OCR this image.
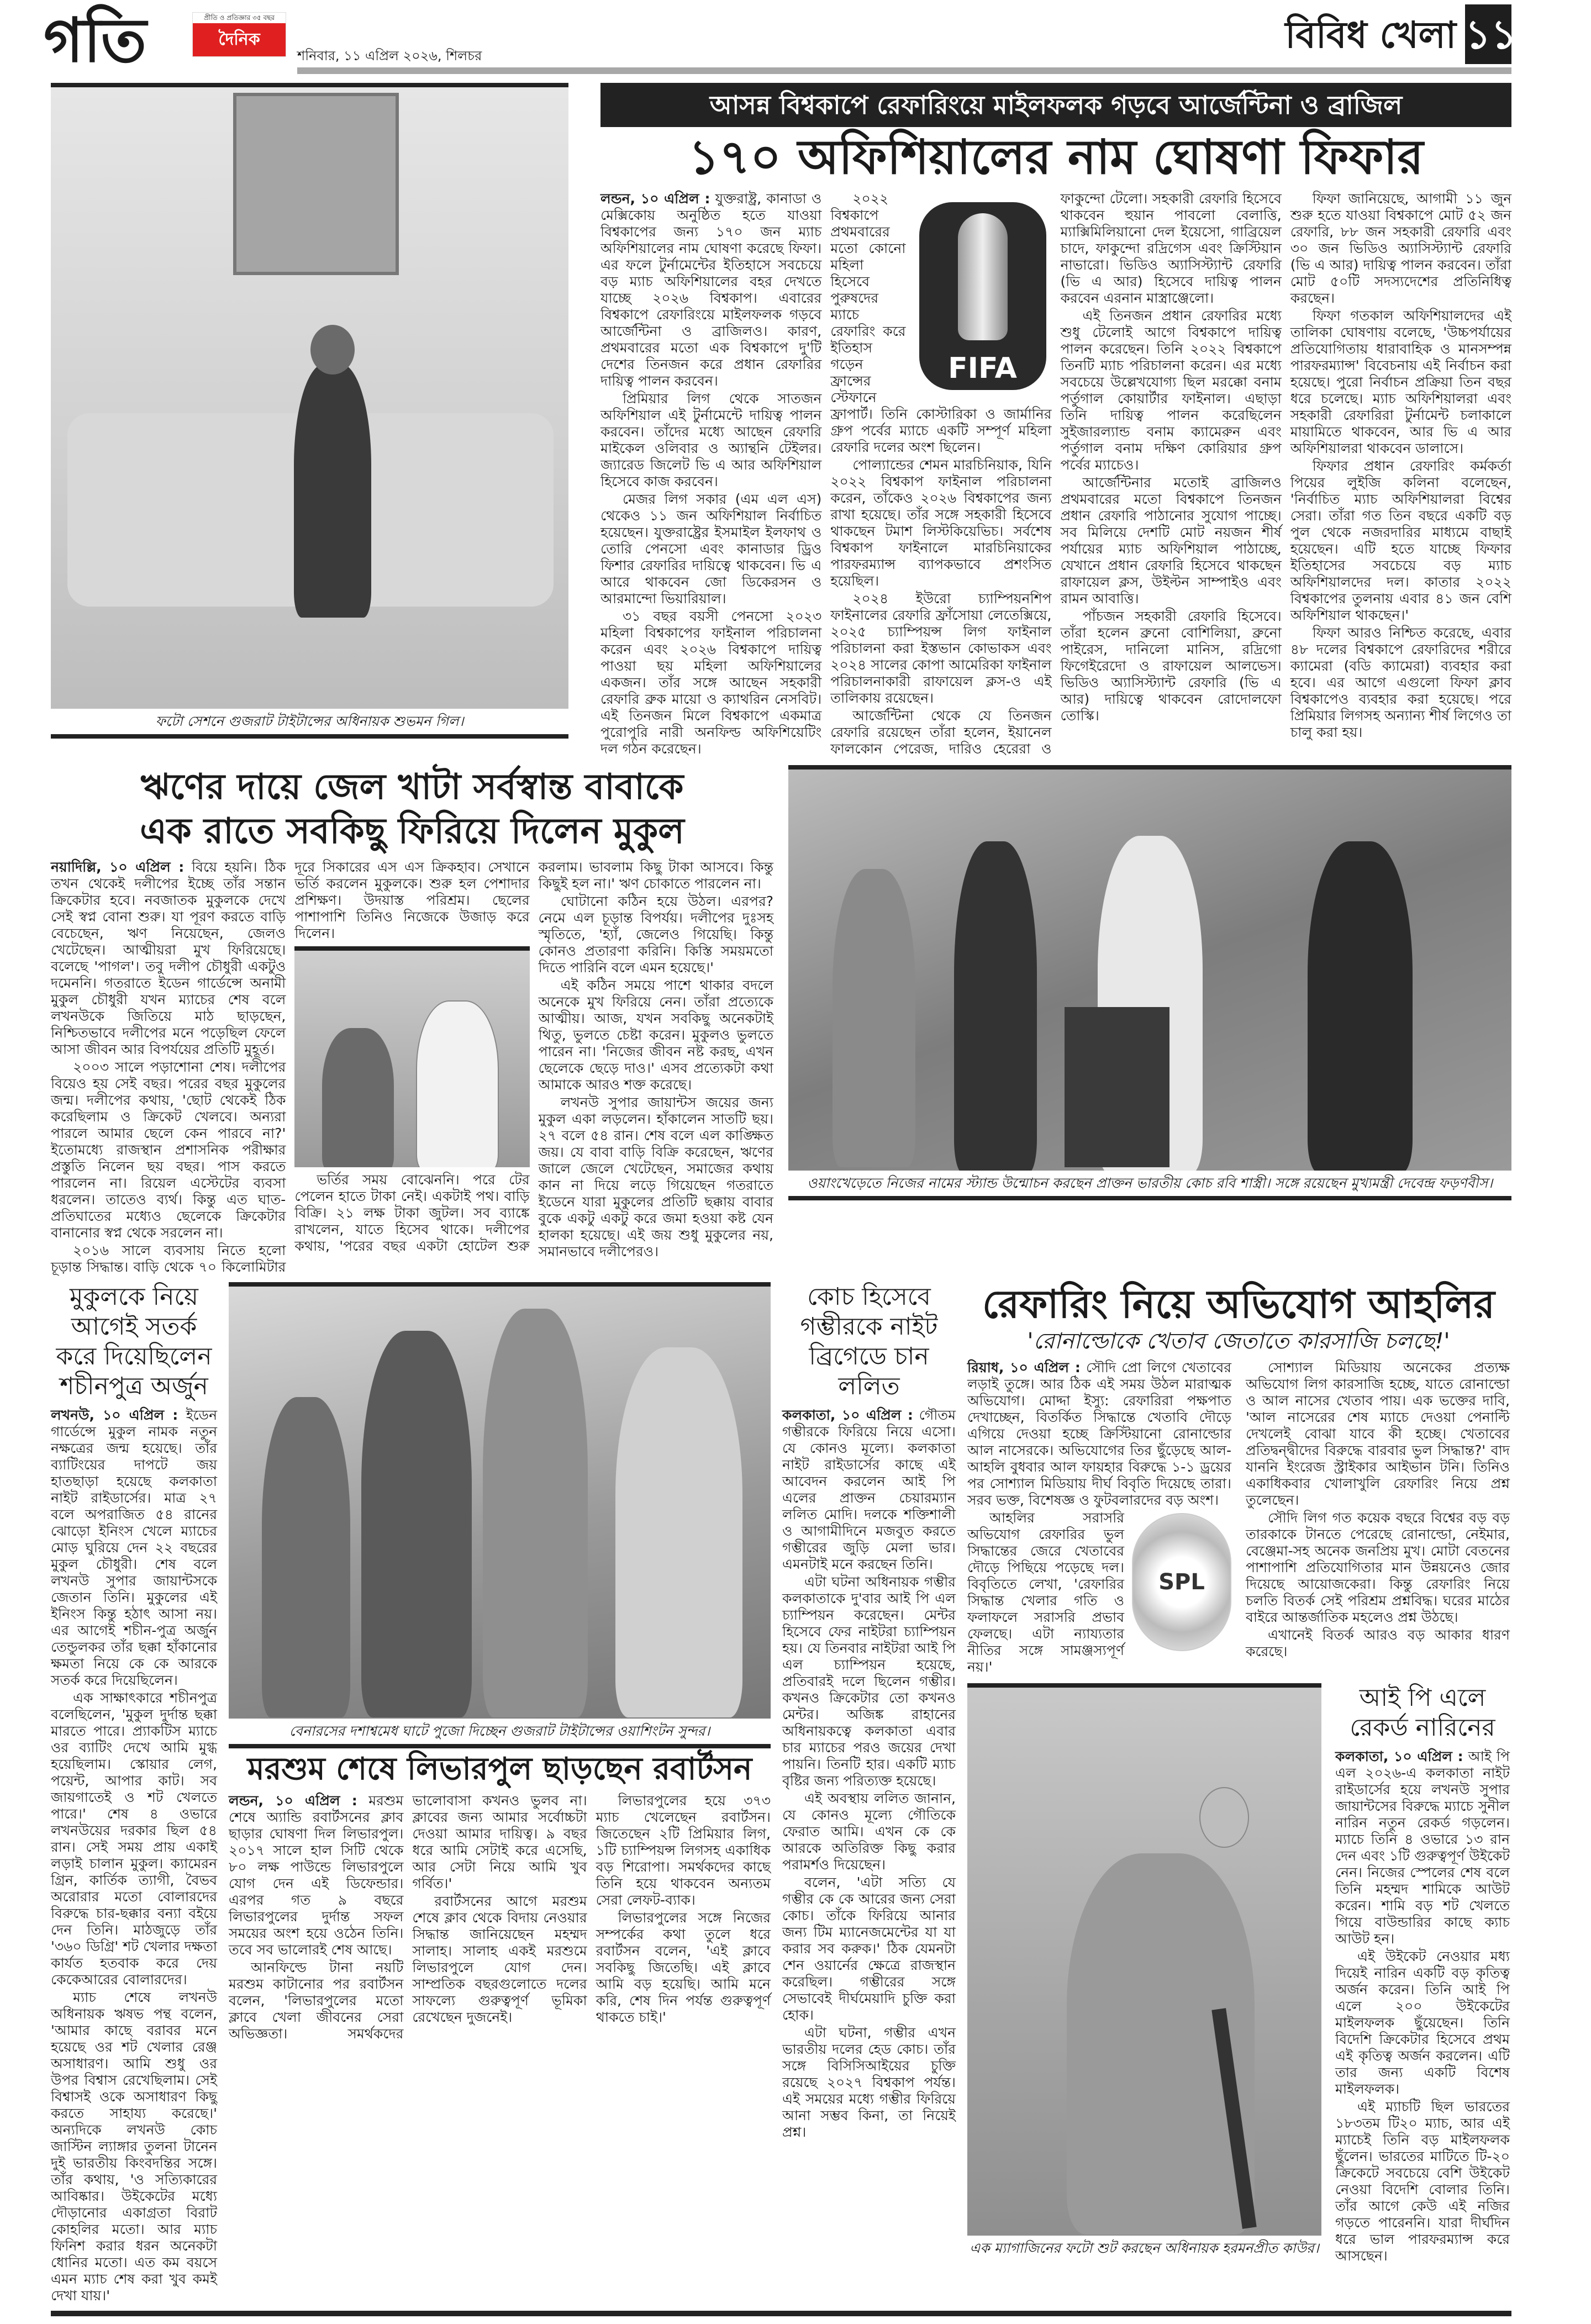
গতি	প্রীতি ও প্রতিজ্ঞার ৩৫ বছর
দৈনিক
শনিবার, ১১ এপ্রিল ২০২৬, শিলচর	বিবিধ খেলা ১১
ফটো সেশনে গুজরাট টাইটান্সের অধিনায়ক শুভমন গিল।
আসন্ন বিশ্বকাপে রেফারিংয়ে মাইলফলক গড়বে আর্জেন্টিনা ও ব্রাজিল
১৭০ অফিশিয়ালের নাম ঘোষণা ফিফার

লন্ডন, ১০ এপ্রিল : যুক্তরাষ্ট্র, কানাডা ও মেক্সিকোয় অনুষ্ঠিত হতে যাওয়া বিশ্বকাপের জন্য ১৭০ জন ম্যাচ অফিশিয়ালের নাম ঘোষণা করেছে ফিফা। এর ফলে টুর্নামেন্টের ইতিহাসে সবচেয়ে বড় ম্যাচ অফিশিয়ালের বহর দেখতে যাচ্ছে ২০২৬ বিশ্বকাপ। এবারের বিশ্বকাপে রেফারিংয়ে মাইলফলক গড়বে আর্জেন্টিনা ও ব্রাজিলও। কারণ, প্রথমবারের মতো এক বিশ্বকাপে দু'টি দেশের তিনজন করে প্রধান রেফারির দায়িত্ব পালন করবেন।

প্রিমিয়ার লিগ থেকে সাতজন অফিশিয়াল এই টুর্নামেন্টে দায়িত্ব পালন করবেন। তাঁদের মধ্যে আছেন রেফারি মাইকেল ওলিবার ও অ্যান্থনি টেইলর। জ্যারেড জিলেট ভি এ আর অফিশিয়াল হিসেবে কাজ করবেন।

মেজর লিগ সকার (এম এল এস) থেকেও ১১ জন অফিশিয়াল নির্বাচিত হয়েছেন। যুক্তরাষ্ট্রের ইসমাইল ইলফাথ ও তোরি পেনসো এবং কানাডার ড্রিও ফিশার রেফারির দায়িত্বে থাকবেন। ভি এ আরে থাকবেন জো ডিকেরসন ও আরমান্দো ভিয়ারিয়াল।

৩১ বছর বয়সী পেনসো ২০২৩ মহিলা বিশ্বকাপের ফাইনাল পরিচালনা করেন এবং ২০২৬ বিশ্বকাপে দায়িত্ব পাওয়া ছয় মহিলা অফিশিয়ালের একজন। তাঁর সঙ্গে আছেন সহকারী রেফারি ব্রুক মায়ো ও ক্যাথরিন নেসবিট। এই তিনজন মিলে বিশ্বকাপে একমাত্র পুরোপুরি নারী অনফিল্ড অফিশিয়েটিং দল গঠন করেছেন।

FIFA

২০২২ বিশ্বকাপে প্রথমবারের মতো কোনো মহিলা হিসেবে পুরুষদের ম্যাচে রেফারিং করে ইতিহাস গড়েন ফ্রান্সের স্টেফানে ফ্রাপার্ট। তিনি কোস্টারিকা ও জার্মানির গ্রুপ পর্বের ম্যাচে একটি সম্পূর্ণ মহিলা রেফারি দলের অংশ ছিলেন।

পোল্যান্ডের শেমন মারচিনিয়াক, যিনি ২০২২ বিশ্বকাপ ফাইনাল পরিচালনা করেন, তাঁকেও ২০২৬ বিশ্বকাপের জন্য রাখা হয়েছে। তাঁর সঙ্গে সহকারী হিসেবে থাকছেন টমাশ লিস্টকিয়েভিচ। সর্বশেষ বিশ্বকাপ ফাইনালে মারচিনিয়াকের পারফরম্যান্স ব্যাপকভাবে প্রশংসিত হয়েছিল।

২০২৪ ইউরো চ্যাম্পিয়নশিপ ফাইনালের রেফারি ফ্রাঁসোয়া লেতেক্সিয়ে, ২০২৫ চ্যাম্পিয়ন্স লিগ ফাইনাল পরিচালনা করা ইস্তভান কোভাকস এবং ২০২৪ সালের কোপা আমেরিকা ফাইনাল পরিচালনাকারী রাফায়েল ক্লস-ও এই তালিকায় রয়েছেন।

আর্জেন্টিনা থেকে যে তিনজন রেফারি রয়েছেন তাঁরা হলেন, ইয়ানেল ফালকোন পেরেজ, দারিও হেরেরা ও ফাকুন্দো টেলো। সহকারী রেফারি হিসেবে থাকবেন হুয়ান পাবলো বেলাত্তি, ম্যাক্সিমিলিয়ানো দেল ইয়েসো, গাব্রিয়েল চাদে, ফাকুন্দো রদ্রিগেস এবং ক্রিস্টিয়ান নাভারো। ভিডিও অ্যাসিস্ট্যান্ট রেফারি (ভি এ আর) হিসেবে দায়িত্ব পালন করবেন এরনান মাস্ত্রাঞ্জেলো।

এই তিনজন প্রধান রেফারির মধ্যে শুধু টেলোই আগে বিশ্বকাপে দায়িত্ব পালন করেছেন। তিনি ২০২২ বিশ্বকাপে তিনটি ম্যাচ পরিচালনা করেন। এর মধ্যে সবচেয়ে উল্লেখযোগ্য ছিল মরক্কো বনাম পর্তুগাল কোয়ার্টার ফাইনাল। এছাড়া তিনি দায়িত্ব পালন করেছিলেন সুইজারল্যান্ড বনাম ক্যামেরুন এবং পর্তুগাল বনাম দক্ষিণ কোরিয়ার গ্রুপ পর্বের ম্যাচেও।

আর্জেন্টিনার মতোই ব্রাজিলও প্রথমবারের মতো বিশ্বকাপে তিনজন প্রধান রেফারি পাঠানোর সুযোগ পাচ্ছে। সব মিলিয়ে দেশটি মোট নয়জন শীর্ষ পর্যায়ের ম্যাচ অফিশিয়াল পাঠাচ্ছে, যেখানে প্রধান রেফারি হিসেবে থাকছেন রাফায়েল ক্লস, উইল্টন সাম্পাইও এবং রামন আবাত্তি।

পাঁচজন সহকারী রেফারি হিসেবে। তাঁরা হলেন ব্রুনো বোশিলিয়া, ব্রুনো পাইরেস, দানিলো মানিস, রদ্রিগো ফিগেইরেদো ও রাফায়েল আলভেস। ভিডিও অ্যাসিস্ট্যান্ট রেফারি (ভি এ আর) দায়িত্বে থাকবেন রোদোলফো তোস্কি।

ফিফা জানিয়েছে, আগামী ১১ জুন শুরু হতে যাওয়া বিশ্বকাপে মোট ৫২ জন রেফারি, ৮৮ জন সহকারী রেফারি এবং ৩০ জন ভিডিও অ্যাসিস্ট্যান্ট রেফারি (ভি এ আর) দায়িত্ব পালন করবেন। তাঁরা মোট ৫০টি সদস্যদেশের প্রতিনিধিত্ব করছেন।

ফিফা গতকাল অফিশিয়ালদের এই তালিকা ঘোষণায় বলেছে, 'উচ্চপর্যায়ের প্রতিযোগিতায় ধারাবাহিক ও মানসম্পন্ন পারফরম্যান্স' বিবেচনায় এই নির্বাচন করা হয়েছে। পুরো নির্বাচন প্রক্রিয়া তিন বছর ধরে চলেছে। ম্যাচ অফিশিয়ালরা এবং সহকারী রেফারিরা টুর্নামেন্ট চলাকালে মায়ামিতে থাকবেন, আর ভি এ আর অফিশিয়ালরা থাকবেন ডালাসে।

ফিফার প্রধান রেফারিং কর্মকর্তা পিয়ের লুইজি কলিনা বলেছেন, 'নির্বাচিত ম্যাচ অফিশিয়ালরা বিশ্বের সেরা। তাঁরা গত তিন বছরে একটি বড় পুল থেকে নজরদারির মাধ্যমে বাছাই হয়েছেন। এটি হতে যাচ্ছে ফিফার ইতিহাসের সবচেয়ে বড় ম্যাচ অফিশিয়ালদের দল। কাতার ২০২২ বিশ্বকাপের তুলনায় এবার ৪১ জন বেশি অফিশিয়াল থাকছেন।'

ফিফা আরও নিশ্চিত করেছে, এবার ৪৮ দলের বিশ্বকাপে রেফারিদের শরীরে ক্যামেরা (বডি ক্যামেরা) ব্যবহার করা হবে। এর আগে এগুলো ফিফা ক্লাব বিশ্বকাপেও ব্যবহার করা হয়েছে। পরে প্রিমিয়ার লিগসহ অন্যান্য শীর্ষ লিগেও তা চালু করা হয়।

ঋণের দায়ে জেল খাটা সর্বস্বান্ত বাবাকে
এক রাতে সবকিছু ফিরিয়ে দিলেন মুকুল

নয়াদিল্লি, ১০ এপ্রিল : বিয়ে হয়নি। ঠিক তখন থেকেই দলীপের ইচ্ছে তাঁর সন্তান ক্রিকেটার হবে। নবজাতক মুকুলকে দেখে সেই স্বপ্ন বোনা শুরু। যা পূরণ করতে বাড়ি বেচেছেন, ঋণ নিয়েছেন, জেলও খেটেছেন। আত্মীয়রা মুখ ফিরিয়েছে। বলেছে 'পাগল'। তবু দলীপ চৌধুরী একটুও দমেননি। গতরাতে ইডেন গার্ডেন্সে অনামী মুকুল চৌধুরী যখন ম্যাচের শেষ বলে লখনউকে জিতিয়ে মাঠ ছাড়ছেন, নিশ্চিতভাবে দলীপের মনে পড়েছিল ফেলে আসা জীবন আর বিপর্যয়ের প্রতিটি মুহূর্ত।

২০০৩ সালে পড়াশোনা শেষ। দলীপের বিয়েও হয় সেই বছর। পরের বছর মুকুলের জন্ম। দলীপের কথায়, 'ছোট থেকেই ঠিক করেছিলাম ও ক্রিকেট খেলবে। অন্যরা পারলে আমার ছেলে কেন পারবে না?' ইতোমধ্যে রাজস্থান প্রশাসনিক পরীক্ষার প্রস্তুতি নিলেন ছয় বছর। পাস করতে পারলেন না। রিয়েল এস্টেটের ব্যবসা ধরলেন। তাতেও ব্যর্থ। কিন্তু এত ঘাত-প্রতিঘাতের মধ্যেও ছেলেকে ক্রিকেটার বানানোর স্বপ্ন থেকে সরলেন না।

২০১৬ সালে ব্যবসায় নিতে হলো চূড়ান্ত সিদ্ধান্ত। বাড়ি থেকে ৭০ কিলোমিটার দূরে সিকারের এস এস ক্রিকহাব। সেখানে ভর্তি করলেন মুকুলকে। শুরু হল পেশাদার প্রশিক্ষণ। উদয়াস্ত পরিশ্রম। ছেলের পাশাপাশি তিনিও নিজেকে উজাড় করে দিলেন।

ভর্তির সময় বোঝেননি। পরে টের পেলেন হাতে টাকা নেই। একটাই পথ। বাড়ি বিক্রি। ২১ লক্ষ টাকা জুটল। সব ব্যাঙ্কে রাখলেন, যাতে হিসেব থাকে। দলীপের কথায়, 'পরের বছর একটা হোটেল শুরু করলাম। ভাবলাম কিছু টাকা আসবে। কিন্তু কিছুই হল না।' ঋণ চোকাতে পারলেন না।

ঘোটানো কঠিন হয়ে উঠল। এরপর? নেমে এল চূড়ান্ত বিপর্যয়। দলীপের দুঃসহ স্মৃতিতে, 'হ্যাঁ, জেলেও গিয়েছি। কিন্তু কোনও প্রতারণা করিনি। কিস্তি সময়মতো দিতে পারিনি বলে এমন হয়েছে।'

এই কঠিন সময়ে পাশে থাকার বদলে অনেকে মুখ ফিরিয়ে নেন। তাঁরা প্রত্যেকে আত্মীয়। আজ, যখন সবকিছু অনেকটাই থিতু, ভুলতে চেষ্টা করেন। মুকুলও ভুলতে পারেন না। 'নিজের জীবন নষ্ট করছ, এখন ছেলেকে ছেড়ে দাও।' এসব প্রত্যেকটা কথা আমাকে আরও শক্ত করেছে।

লখনউ সুপার জায়ান্টস জয়ের জন্য মুকুল একা লড়লেন। হাঁকালেন সাতটি ছয়। ২৭ বলে ৫৪ রান। শেষ বলে এল কাঙ্ক্ষিত জয়। যে বাবা বাড়ি বিক্রি করেছেন, ঋণের জালে জেলে খেটেছেন, সমাজের কথায় কান না দিয়ে লড়ে গিয়েছেন গতরাতে ইডেনে যারা মুকুলের প্রতিটি ছক্কায় বাবার বুকে একটু একটু করে জমা হওয়া কষ্ট যেন হালকা হয়েছে। এই জয় শুধু মুকুলের নয়, সমানভাবে দলীপেরও।

ওয়াংখেড়েতে নিজের নামের স্ট্যান্ড উন্মোচন করছেন প্রাক্তন ভারতীয় কোচ রবি শাস্ত্রী। সঙ্গে রয়েছেন মুখ্যমন্ত্রী দেবেন্দ্র ফড়ণবীস।
মুকুলকে নিয়ে আগেই সতর্ক করে দিয়েছিলেন শচীনপুত্র অর্জুন

লখনউ, ১০ এপ্রিল : ইডেন গার্ডেন্সে মুকুল নামক নতুন নক্ষত্রের জন্ম হয়েছে। তাঁর ব্যাটিংয়ের দাপটে জয় হাতছাড়া হয়েছে কলকাতা নাইট রাইডার্সের। মাত্র ২৭ বলে অপরাজিত ৫৪ রানের ঝোড়ো ইনিংস খেলে ম্যাচের মোড় ঘুরিয়ে দেন ২২ বছরের মুকুল চৌধুরী। শেষ বলে লখনউ সুপার জায়ান্টসকে জেতান তিনি। মুকুলের এই ইনিংস কিন্তু হঠাৎ আসা নয়। এর আগেই শচীন-পুত্র অর্জুন তেন্ডুলকর তাঁর ছক্কা হাঁকানোর ক্ষমতা নিয়ে কে কে আরকে সতর্ক করে দিয়েছিলেন।

এক সাক্ষাৎকারে শচীনপুত্র বলেছিলেন, 'মুকুল দুর্দান্ত ছক্কা মারতে পারে। প্র্যাকটিস ম্যাচে ওর ব্যাটিং দেখে আমি মুগ্ধ হয়েছিলাম। স্কোয়ার লেগ, পয়েন্ট, আপার কাট। সব জায়গাতেই ও শট খেলতে পারে।' শেষ ৪ ওভারে লখনউয়ের দরকার ছিল ৫৪ রান। সেই সময় প্রায় একাই লড়াই চালান মুকুল। ক্যামেরন গ্রিন, কার্তিক ত্যাগী, বৈভব অরোরার মতো বোলারদের বিরুদ্ধে চার-ছক্কার বন্যা বইয়ে দেন তিনি। মাঠজুড়ে তাঁর '৩৬০ ডিগ্রি' শট খেলার দক্ষতা কার্যত হতবাক করে দেয় কেকেআরের বোলারদের।

ম্যাচ শেষে লখনউ অধিনায়ক ঋষভ পন্থ বলেন, 'আমার কাছে বরাবর মনে হয়েছে ওর শট খেলার রেঞ্জ অসাধারণ। আমি শুধু ওর উপর বিশ্বাস রেখেছিলাম। সেই বিশ্বাসই ওকে অসাধারণ কিছু করতে সাহায্য করেছে।' অন্যদিকে লখনউ কোচ জাস্টিন ল্যাঙ্গার তুলনা টানেন দুই ভারতীয় কিংবদন্তির সঙ্গে। তাঁর কথায়, 'ও সত্যিকারের আবিষ্কার। উইকেটের মধ্যে দৌড়ানোর একাগ্রতা বিরাট কোহলির মতো। আর ম্যাচ ফিনিশ করার ধরন অনেকটা ধোনির মতো। এত কম বয়সে এমন ম্যাচ শেষ করা খুব কমই দেখা যায়।'

বেনারসের দশাশ্বমেধ ঘাটে পুজো দিচ্ছেন গুজরাট টাইটান্সের ওয়াশিংটন সুন্দর।
মরশুম শেষে লিভারপুল ছাড়ছেন রবার্টসন

লন্ডন, ১০ এপ্রিল : মরশুম শেষে অ্যান্ডি রবার্টসনের ক্লাব ছাড়ার ঘোষণা দিল লিভারপুল। ২০১৭ সালে হাল সিটি থেকে ৮০ লক্ষ পাউন্ডে লিভারপুলে যোগ দেন এই ডিফেন্ডার। এরপর গত ৯ বছরে লিভারপুলের দুর্দান্ত সফল সময়ের অংশ হয়ে ওঠেন তিনি। তবে সব ভালোরই শেষ আছে।

আনফিল্ডে টানা নয়টি মরশুম কাটানোর পর রবার্টসন বলেন, 'লিভারপুলের মতো ক্লাবে খেলা জীবনের সেরা অভিজ্ঞতা। সমর্থকদের ভালোবাসা কখনও ভুলব না। ক্লাবের জন্য আমার সর্বোচ্চটা দেওয়া আমার দায়িত্ব। ৯ বছর ধরে আমি সেটাই করে এসেছি, আর সেটা নিয়ে আমি খুব গর্বিত।'

রবার্টসনের আগে মরশুম শেষে ক্লাব থেকে বিদায় নেওয়ার সিদ্ধান্ত জানিয়েছেন মহম্মদ সালাহ। সালাহ একই মরশুমে লিভারপুলে যোগ দেন। সাম্প্রতিক বছরগুলোতে দলের সাফল্যে গুরুত্বপূর্ণ ভূমিকা রেখেছেন দুজনেই।

লিভারপুলের হয়ে ৩৭৩ ম্যাচ খেলেছেন রবার্টসন। জিতেছেন ২টি প্রিমিয়ার লিগ, ১টি চ্যাম্পিয়ন্স লিগসহ একাধিক বড় শিরোপা। সমর্থকদের কাছে তিনি হয়ে থাকবেন অন্যতম সেরা লেফট-ব্যাক।

লিভারপুলের সঙ্গে নিজের সম্পর্কের কথা তুলে ধরে রবার্টসন বলেন, 'এই ক্লাবে সবকিছু জিতেছি। এই ক্লাবে আমি বড় হয়েছি। আমি মনে করি, শেষ দিন পর্যন্ত গুরুত্বপূর্ণ থাকতে চাই।'

কোচ হিসেবে গম্ভীরকে নাইট ব্রিগেডে চান ললিত

কলকাতা, ১০ এপ্রিল : গৌতম গম্ভীরকে ফিরিয়ে নিয়ে এসো। যে কোনও মূল্যে। কলকাতা নাইট রাইডার্সের কাছে এই আবেদন করলেন আই পি এলের প্রাক্তন চেয়ারম্যান ললিত মোদি। দলকে শক্তিশালী ও আগামীদিনে মজবুত করতে গম্ভীরের জুড়ি মেলা ভার। এমনটাই মনে করছেন তিনি।

এটা ঘটনা অধিনায়ক গম্ভীর কলকাতাকে দু'বার আই পি এল চ্যাম্পিয়ন করেছেন। মেন্টর হিসেবে ফের নাইটরা চ্যাম্পিয়ন হয়। যে তিনবার নাইটরা আই পি এল চ্যাম্পিয়ন হয়েছে, প্রতিবারই দলে ছিলেন গম্ভীর। কখনও ক্রিকেটার তো কখনও মেন্টর। অজিঙ্ক রাহানের অধিনায়কত্বে কলকাতা এবার চার ম্যাচের পরও জয়ের দেখা পায়নি। তিনটি হার। একটি ম্যাচ বৃষ্টির জন্য পরিত্যক্ত হয়েছে।

এই অবস্থায় ললিত জানান, যে কোনও মূল্যে গৌতিকে ফেরাত আমি। এখন কে কে আরকে অতিরিক্ত কিছু করার পরামর্শও দিয়েছেন।

বলেন, 'এটা সত্যি যে গম্ভীর কে কে আরের জন্য সেরা কোচ। তাঁকে ফিরিয়ে আনার জন্য টিম ম্যানেজমেন্টের যা যা করার সব করুক।' ঠিক যেমনটা শেন ওয়ার্নের ক্ষেত্রে রাজস্থান করেছিল। গম্ভীরের সঙ্গে সেভাবেই দীর্ঘমেয়াদি চুক্তি করা হোক।

এটা ঘটনা, গম্ভীর এখন ভারতীয় দলের হেড কোচ। তাঁর সঙ্গে বিসিসিআইয়ের চুক্তি রয়েছে ২০২৭ বিশ্বকাপ পর্যন্ত। এই সময়ের মধ্যে গম্ভীর ফিরিয়ে আনা সম্ভব কিনা, তা নিয়েই প্রশ্ন।

রেফারিং নিয়ে অভিযোগ আহলির
'রোনাল্ডোকে খেতাব জেতাতে কারসাজি চলছে!'

রিয়াধ, ১০ এপ্রিল : সৌদি প্রো লিগে খেতাবের লড়াই তুঙ্গে। আর ঠিক এই সময় উঠল মারাত্মক অভিযোগ। মোদ্দা ইস্যু: রেফারিরা পক্ষপাত দেখাচ্ছেন, বিতর্কিত সিদ্ধান্তে খেতাবি দৌড়ে এগিয়ে দেওয়া হচ্ছে ক্রিস্টিয়ানো রোনাল্ডোর আল নাসেরকে। অভিযোগের তির ছুঁড়েছে আল-আহলি বুধবার আল ফায়হার বিরুদ্ধে ১-১ ড্রয়ের পর সোশ্যাল মিডিয়ায় দীর্ঘ বিবৃতি দিয়েছে তারা। সরব ভক্ত, বিশেষজ্ঞ ও ফুটবলারদের বড় অংশ।

SPL

আহলির সরাসরি অভিযোগ রেফারির ভুল সিদ্ধান্তের জেরে খেতাবের দৌড়ে পিছিয়ে পড়েছে দল। বিবৃতিতে লেখা, 'রেফারির সিদ্ধান্ত খেলার গতি ও ফলাফলে সরাসরি প্রভাব ফেলছে। এটা ন্যায্যতার নীতির সঙ্গে সামঞ্জস্যপূর্ণ নয়।'

সোশ্যাল মিডিয়ায় অনেকের প্রত্যক্ষ অভিযোগ লিগ কারসাজি হচ্ছে, যাতে রোনাল্ডো ও আল নাসের খেতাব পায়। এক ভক্তের দাবি, 'আল নাসেরের শেষ ম্যাচে দেওয়া পেনাল্টি দেখলেই বোঝা যাবে কী হচ্ছে। খেতাবের প্রতিদ্বন্দ্বীদের বিরুদ্ধে বারবার ভুল সিদ্ধান্ত?' বাদ যাননি ইংরেজ স্ট্রাইকার আইভান টনি। তিনিও একাধিকবার খোলাখুলি রেফারিং নিয়ে প্রশ্ন তুলেছেন।

সৌদি লিগ গত কয়েক বছরে বিশ্বের বড় বড় তারকাকে টানতে পেরেছে রোনাল্ডো, নেইমার, বেঞ্জেমা-সহ অনেক জনপ্রিয় মুখ। মোটা বেতনের পাশাপাশি প্রতিযোগিতার মান উন্নয়নেও জোর দিয়েছে আয়োজকেরা। কিন্তু রেফারিং নিয়ে চলতি বিতর্ক সেই পরিশ্রম প্রশ্নবিদ্ধ। ঘরের মাঠের বাইরে আন্তর্জাতিক মহলেও প্রশ্ন উঠছে।

এখানেই বিতর্ক আরও বড় আকার ধারণ করেছে।

এক ম্যাগাজিনের ফটো শুট করছেন অধিনায়ক হরমনপ্রীত কাউর।
আই পি এলে রেকর্ড নারিনের

কলকাতা, ১০ এপ্রিল : আই পি এল ২০২৬-এ কলকাতা নাইট রাইডার্সের হয়ে লখনউ সুপার জায়ান্টসের বিরুদ্ধে ম্যাচে সুনীল নারিন নতুন রেকর্ড গড়লেন। ম্যাচে তিনি ৪ ওভারে ১৩ রান দেন এবং ১টি গুরুত্বপূর্ণ উইকেট নেন। নিজের স্পেলের শেষ বলে তিনি মহম্মদ শামিকে আউট করেন। শামি বড় শট খেলতে গিয়ে বাউন্ডারির কাছে ক্যাচ আউট হন।

এই উইকেট নেওয়ার মধ্য দিয়েই নারিন একটি বড় কৃতিত্ব অর্জন করেন। তিনি আই পি এলে ২০০ উইকেটের মাইলফলক ছুঁয়েছেন। তিনি বিদেশি ক্রিকেটার হিসেবে প্রথম এই কৃতিত্ব অর্জন করলেন। এটি তার জন্য একটি বিশেষ মাইলফলক।

এই ম্যাচটি ছিল ভারতের ১৮৩তম টি২০ ম্যাচ, আর এই ম্যাচেই তিনি বড় মাইলফলক ছুঁলেন। ভারতের মাটিতে টি-২০ ক্রিকেটে সবচেয়ে বেশি উইকেট নেওয়া বিদেশি বোলার তিনি। তাঁর আগে কেউ এই নজির গড়তে পারেননি। যারা দীর্ঘদিন ধরে ভাল পারফরম্যান্স করে আসছেন।
